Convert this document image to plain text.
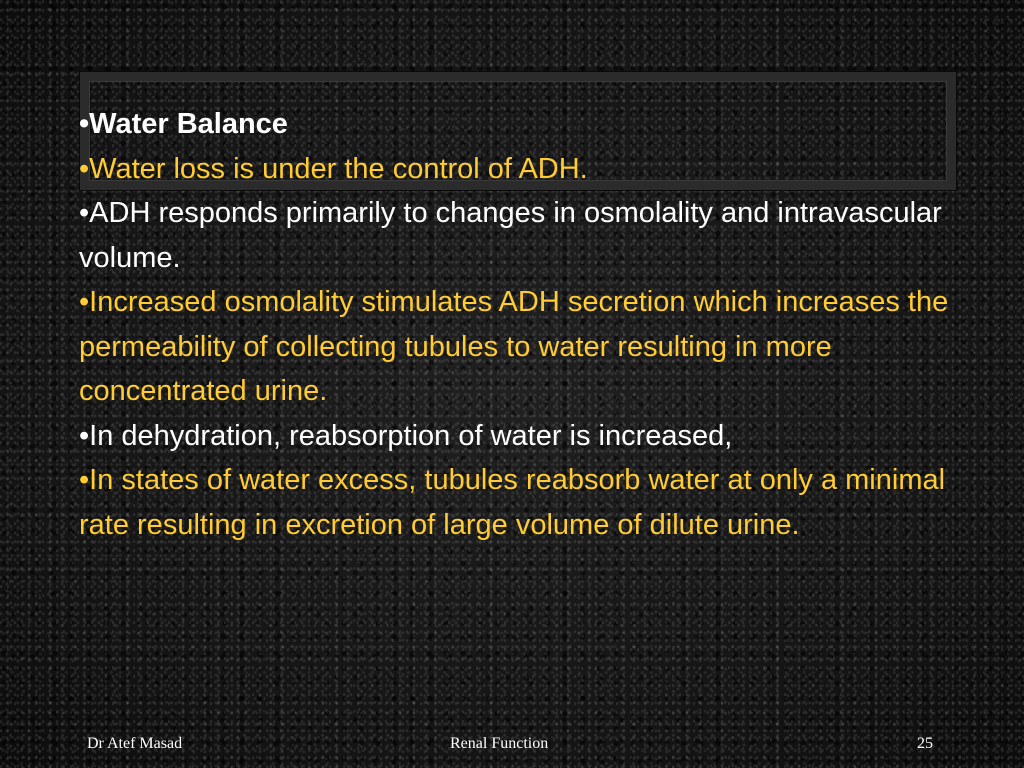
•Water Balance

•Water loss is under the control of ADH.

•ADH responds primarily to changes in osmolality and intravascular volume.

•Increased osmolality stimulates ADH secretion which increases the permeability of collecting tubules to water resulting in more concentrated urine.

•In dehydration, reabsorption of water is increased,

•In states of water excess, tubules reabsorb water at only a minimal rate resulting in excretion of large volume of dilute urine.

Dr Atef Masad	Renal Function	25
